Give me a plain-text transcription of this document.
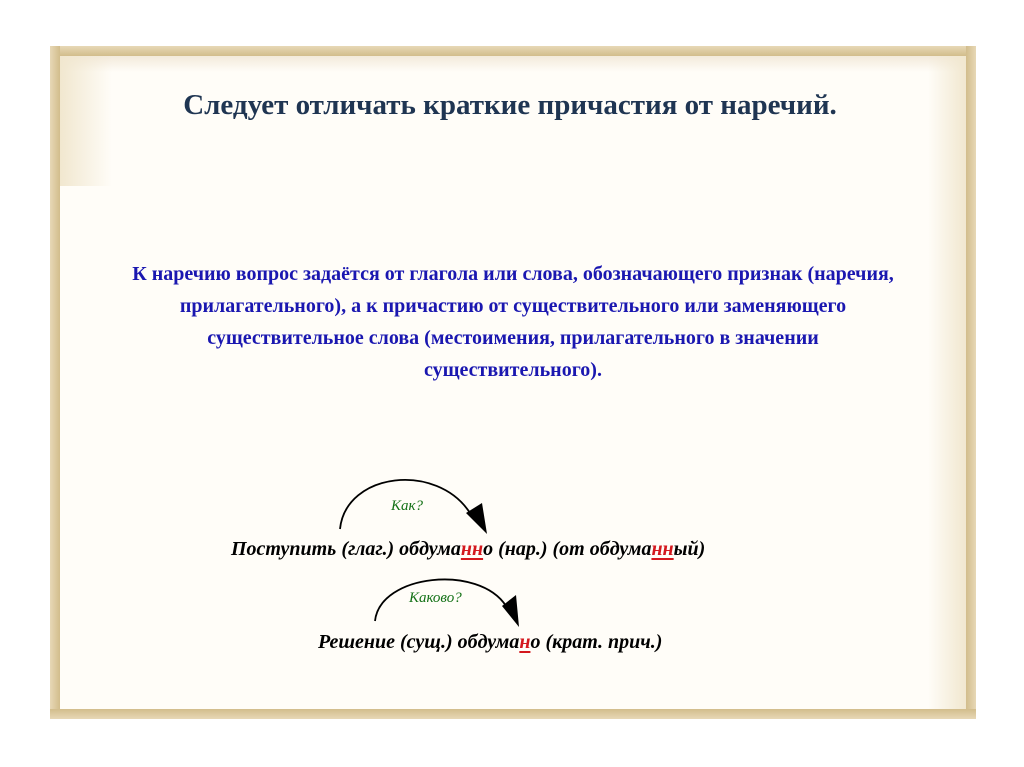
Следует отличать краткие причастия от наречий.

К наречию вопрос задаётся от глагола или слова, обозначающего признак (наречия, прилагательного), а к причастию от существительного или заменяющего существительное слова (местоимения, прилагательного в значении существительного).

Как?
Каково?

Поступить (глаг.) обдуманно (нар.) (от обдуманный)

Решение (сущ.) обдумано (крат. прич.)
